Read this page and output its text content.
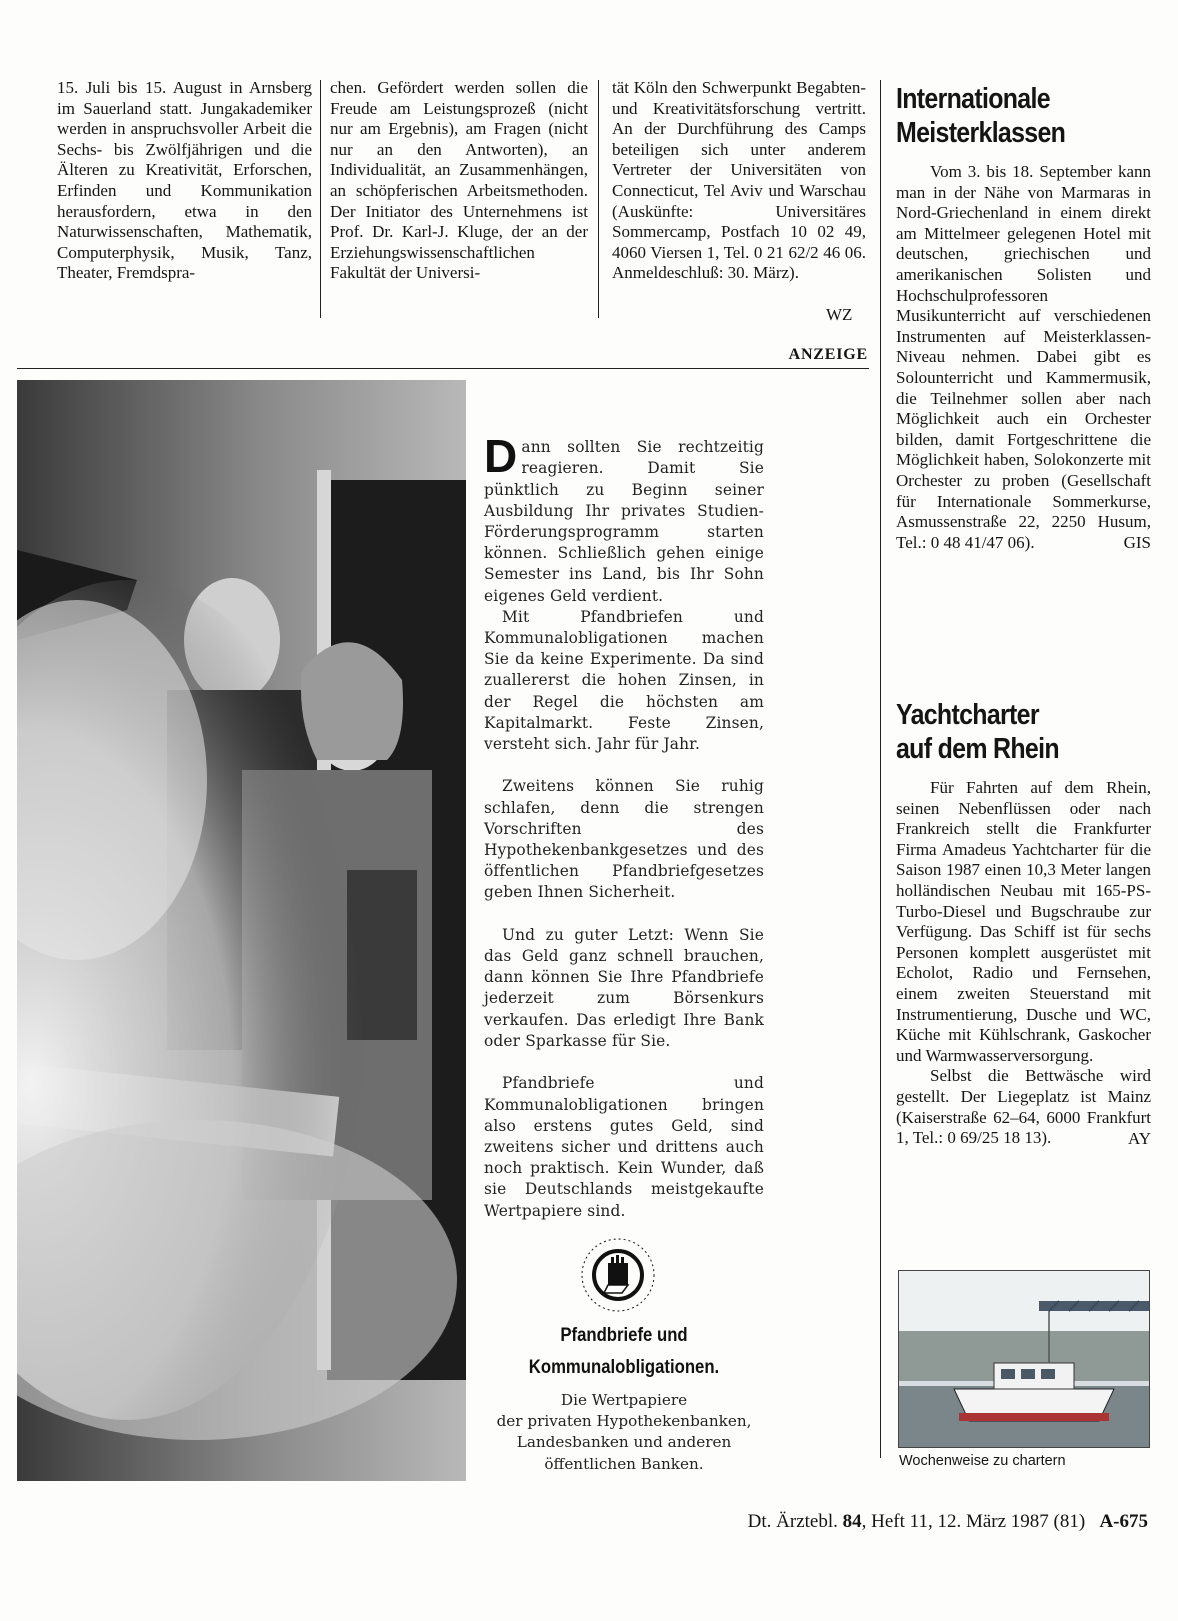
15. Juli bis 15. August in Arnsberg im Sauerland statt. Jungakademiker werden in anspruchsvoller Arbeit die Sechs- bis Zwölfjährigen und die Älteren zu Kreativität, Erforschen, Erfinden und Kommunikation herausfordern, etwa in den Naturwissenschaften, Mathematik, Computerphysik, Musik, Tanz, Theater, Fremdspra-

chen. Gefördert werden sollen die Freude am Leistungsprozeß (nicht nur am Ergebnis), am Fragen (nicht nur an den Antworten), an Individualität, an Zusammenhängen, an schöpferischen Arbeitsmethoden. Der Initiator des Unternehmens ist Prof. Dr. Karl-J. Kluge, der an der Erziehungswissenschaftlichen Fakultät der Universi-

tät Köln den Schwerpunkt Begabten- und Kreativitätsforschung vertritt. An der Durchführung des Camps beteiligen sich unter anderem Vertreter der Universitäten von Connecticut, Tel Aviv und Warschau (Auskünfte: Universitäres Sommercamp, Postfach 10 02 49, 4060 Viersen 1, Tel. 0 21 62/2 46 06. Anmeldeschluß: 30. März).

WZ

ANZEIGE

Dann sollten Sie rechtzeitig reagieren. Damit Sie pünktlich zu Beginn seiner Ausbildung Ihr privates Studien-Förderungsprogramm starten können. Schließlich gehen einige Semester ins Land, bis Ihr Sohn eigenes Geld verdient.

Mit Pfandbriefen und Kommunalobligationen machen Sie da keine Experimente. Da sind zuallererst die hohen Zinsen, in der Regel die höchsten am Kapitalmarkt. Feste Zinsen, versteht sich. Jahr für Jahr.

Zweitens können Sie ruhig schlafen, denn die strengen Vorschriften des Hypothekenbankgesetzes und des öffentlichen Pfandbriefgesetzes geben Ihnen Sicherheit.

Und zu guter Letzt: Wenn Sie das Geld ganz schnell brauchen, dann können Sie Ihre Pfandbriefe jederzeit zum Börsenkurs verkaufen. Das erledigt Ihre Bank oder Sparkasse für Sie.

Pfandbriefe und Kommunalobligationen bringen also erstens gutes Geld, sind zweitens sicher und drittens auch noch praktisch. Kein Wunder, daß sie Deutschlands meistgekaufte Wertpapiere sind.

Pfandbriefe und
Kommunalobligationen.

Die Wertpapiere
der privaten Hypothekenbanken,
Landesbanken und anderen
öffentlichen Banken.

Internationale
Meisterklassen

Vom 3. bis 18. September kann man in der Nähe von Marmaras in Nord-Griechenland in einem direkt am Mittelmeer gelegenen Hotel mit deutschen, griechischen und amerikanischen Solisten und Hochschulprofessoren Musikunterricht auf verschiedenen Instrumenten auf Meisterklassen-Niveau nehmen. Dabei gibt es Solounterricht und Kammermusik, die Teilnehmer sollen aber nach Möglichkeit auch ein Orchester bilden, damit Fortgeschrittene die Möglichkeit haben, Solokonzerte mit Orchester zu proben (Gesellschaft für Internationale Sommerkurse, Asmussenstraße 22, 2250 Husum, Tel.: 0 48 41/47 06).	GIS

Yachtcharter
auf dem Rhein

Für Fahrten auf dem Rhein, seinen Nebenflüssen oder nach Frankreich stellt die Frankfurter Firma Amadeus Yachtcharter für die Saison 1987 einen 10,3 Meter langen holländischen Neubau mit 165-PS-Turbo-Diesel und Bugschraube zur Verfügung. Das Schiff ist für sechs Personen komplett ausgerüstet mit Echolot, Radio und Fernsehen, einem zweiten Steuerstand mit Instrumentierung, Dusche und WC, Küche mit Kühlschrank, Gaskocher und Warmwasserversorgung.

Selbst die Bettwäsche wird gestellt. Der Liegeplatz ist Mainz (Kaiserstraße 62–64, 6000 Frankfurt 1, Tel.: 0 69/25 18 13).	AY

Wochenweise zu chartern

Dt. Ärztebl. 84, Heft 11, 12. März 1987 (81) A-675
